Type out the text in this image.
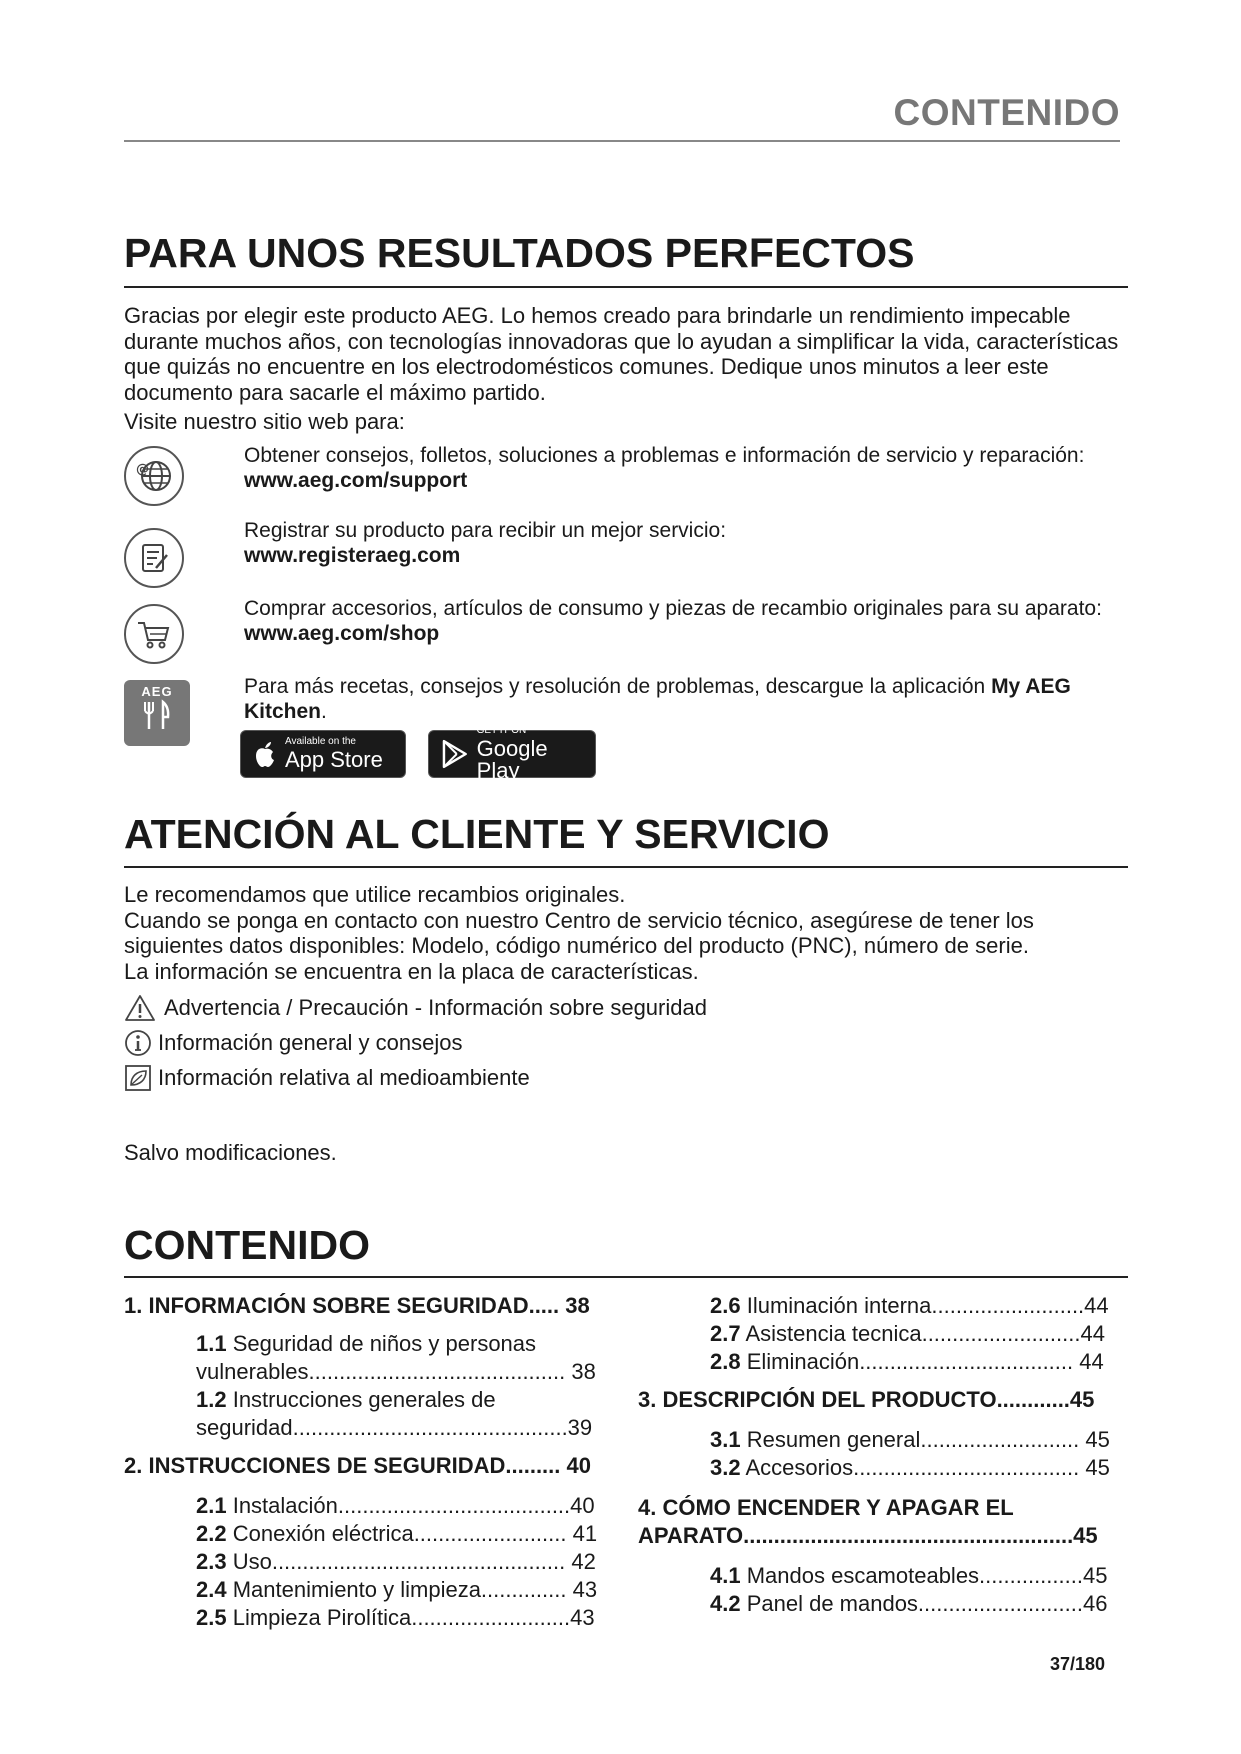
CONTENIDO
PARA UNOS RESULTADOS PERFECTOS
Gracias por elegir este producto AEG. Lo hemos creado para brindarle un rendimiento impecable durante muchos años, con tecnologías innovadoras que lo ayudan a simplificar la vida, características que quizás no encuentre en los electrodomésticos comunes. Dedique unos minutos a leer este documento para sacarle el máximo partido.
Visite nuestro sitio web para:
@
Obtener consejos, folletos, soluciones a problemas e información de servicio y reparación:
www.aeg.com/support
Registrar su producto para recibir un mejor servicio:
www.registeraeg.com
Comprar accesorios, artículos de consumo y piezas de recambio originales para su aparato:
www.aeg.com/shop
AEG	Para más recetas, consejos y resolución de problemas, descargue la aplicación My AEG
Kitchen.
Available on the
App Store
GET IT ON
Google Play
ATENCIÓN AL CLIENTE Y SERVICIO
Le recomendamos que utilice recambios originales.
Cuando se ponga en contacto con nuestro Centro de servicio técnico, asegúrese de tener los siguientes datos disponibles: Modelo, código numérico del producto (PNC), número de serie.
La información se encuentra en la placa de características.
Advertencia / Precaución - Información sobre seguridad
Información general y consejos
Información relativa al medioambiente
Salvo modificaciones.
CONTENIDO
1. INFORMACIÓN SOBRE SEGURIDAD..... 38
1.1 Seguridad de niños y personas
vulnerables.......................................... 38
1.2 Instrucciones generales de
seguridad.............................................39
2. INSTRUCCIONES DE SEGURIDAD......... 40
2.1 Instalación......................................40
2.2 Conexión eléctrica......................... 41
2.3 Uso................................................ 42
2.4 Mantenimiento y limpieza.............. 43
2.5 Limpieza Pirolítica..........................43
2.6 Iluminación interna.........................44
2.7 Asistencia tecnica..........................44
2.8 Eliminación................................... 44
3. DESCRIPCIÓN DEL PRODUCTO............45
3.1 Resumen general.......................... 45
3.2 Accesorios..................................... 45
4. CÓMO ENCENDER Y APAGAR EL
APARATO......................................................45
4.1 Mandos escamoteables.................45
4.2 Panel de mandos...........................46
37/180
